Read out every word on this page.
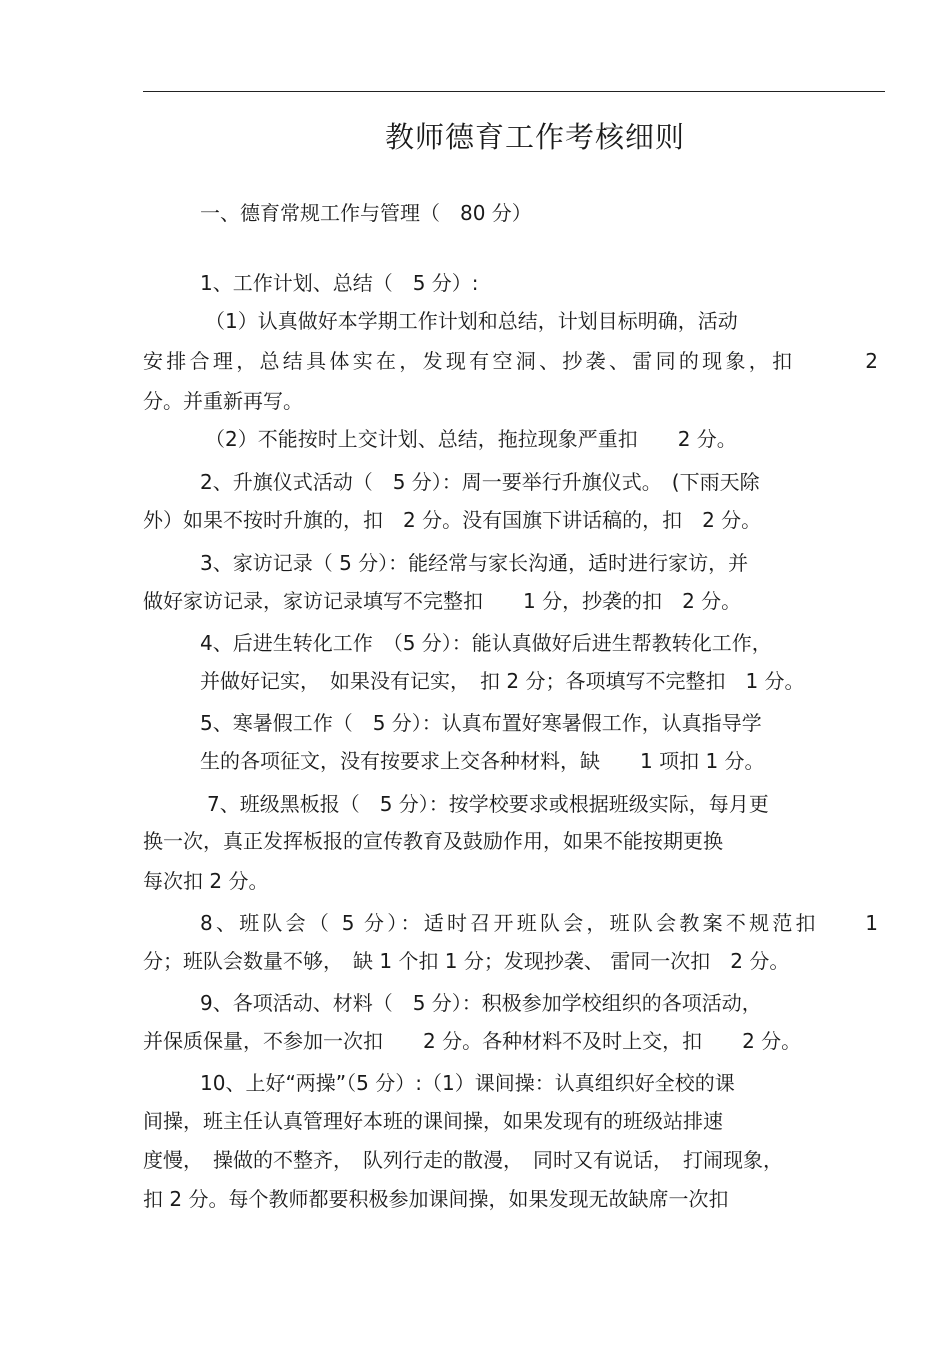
教师德育工作考核细则
一、德育常规工作与管理（　80 分）
1、工作计划、总结（　5 分）:
（1）认真做好本学期工作计划和总结，计划目标明确，活动
安排合理，总结具体实在，发现有空洞、抄袭、雷同的现象，扣　　　2
分。并重新再写。
（2）不能按时上交计划、总结，拖拉现象严重扣　　2 分。
2、升旗仪式活动（　5 分）：周一要举行升旗仪式。　(下雨天除
外）如果不按时升旗的，扣　2 分。没有国旗下讲话稿的，扣　2 分。
3、家访记录（ 5 分）：能经常与家长沟通，适时进行家访，并
做好家访记录，家访记录填写不完整扣　　1 分，抄袭的扣　2 分。
4、后进生转化工作　（5 分）：能认真做好后进生帮教转化工作，
并做好记实，　如果没有记实，　扣 2 分；各项填写不完整扣　1 分。
5、寒暑假工作（　5 分）：认真布置好寒暑假工作，认真指导学
生的各项征文，没有按要求上交各种材料，缺　　1 项扣 1 分。
7、班级黑板报（　5 分）：按学校要求或根据班级实际，每月更
换一次，真正发挥板报的宣传教育及鼓励作用，如果不能按期更换
每次扣 2 分。
8、班队会（ 5 分）：适时召开班队会，班队会教案不规范扣　　1
分；班队会数量不够，　缺 1 个扣 1 分；发现抄袭、 雷同一次扣　2 分。
9、各项活动、材料（　5 分）：积极参加学校组织的各项活动，
并保质保量，不参加一次扣　　2 分。各种材料不及时上交，扣　　2 分。
10、上好“两操”（5 分）:（1）课间操：认真组织好全校的课
间操，班主任认真管理好本班的课间操，如果发现有的班级站排速
度慢，　操做的不整齐，　队列行走的散漫，　同时又有说话，　打闹现象，
扣 2 分。每个教师都要积极参加课间操，如果发现无故缺席一次扣
